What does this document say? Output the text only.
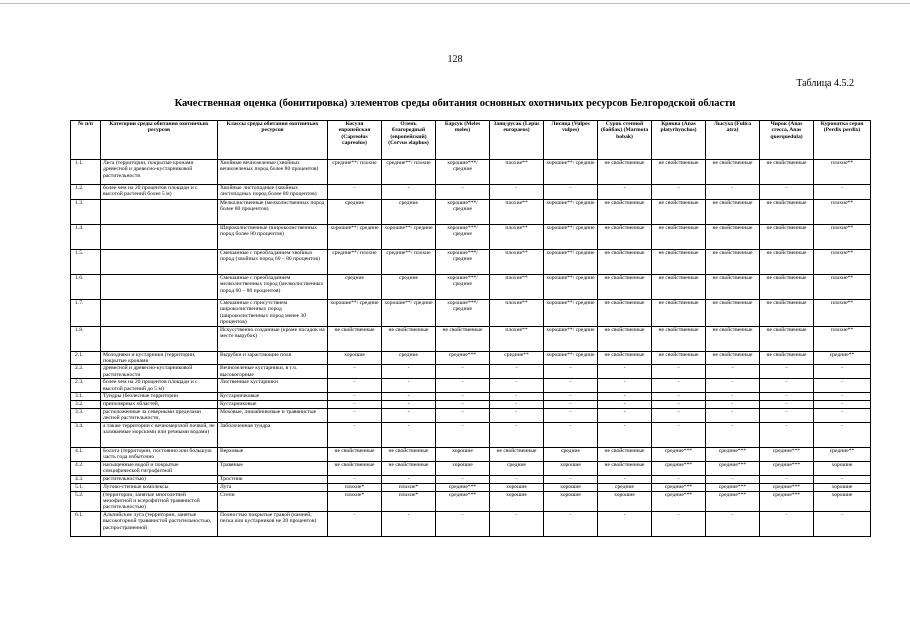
128
Таблица 4.5.2
Качественная оценка (бонитировка) элементов среды обитания основных охотничьих ресурсов Белгородской области
№ п/п	Категории среды обитания охотничьих ресурсов	Классы среды обитания охотничьих ресурсов	Косуля европейская (Capreolus capreolus)	Олень благородный (европейский) (Cervus elaphus)	Барсук (Meles meles)	Заяц-русак (Lepus europaeus)	Лисица (Vulpes vulpes)	Сурок степной (байбак) (Marmota bobak)	Кряква (Anas platyrhynchos)	Лысуха (Fulica atra)	Чирок (Anas crecca, Anas querquedula)	Куропатка серая (Perdix perdix)
1.1.	Леса (территории, покрытые кронами древесной и древесно-кустарниковой растительности	Хвойные вечнозеленые (хвойных вечнозеленых пород более 80 процентов)	средние**/ плохие	средние**/ плохие	хорошие***/ средние	плохие**	хорошие**/ средние	не свойственные	не свойственные	не свойственные	не свойственные	плохие**
1.2.	более чем на 20 процентов площади и с высотой растений более 5 м)	Хвойные листопадные (хвойных листопадных пород более 80 процентов)	-	-	-	-	-	-	-	-	-	-
1.3.		Мелколиственные (мелколиственных пород более 80 процентов)	средние	средние	хорошие***/ средние	плохие**	хорошие**/ средние	не свойственные	не свойственные	не свойственные	не свойственные	плохие**
1.4.		Широколиственные (широколиственных пород более 80 процентов)	хорошие**/ средние	хорошие**/ средние	хорошие***/ средние	плохие**	хорошие**/ средние	не свойственные	не свойственные	не свойственные	не свойственные	плохие**
1.5.		Смешанные с преобладанием хвойных пород (хвойных пород 60 – 80 процентов)	средние**/ плохие	средние**/ плохие	хорошие***/ средние	плохие**	хорошие**/ средние	не свойственные	не свойственные	не свойственные	не свойственные	плохие**
1.6.		Смешанные с преобладанием мелколиственных пород (мелколиственных пород 60 – 80 процентов)	средние	средние	хорошие***/ средние	плохие**	хорошие**/ средние	не свойственные	не свойственные	не свойственные	не свойственные	плохие**
1.7.		Смешанные с присутствием широколиственных пород (широколиственных пород менее 30 процентов)	хорошие**/ средние	хорошие**/ средние	хорошие***/ средние	плохие**	хорошие**/ средние	не свойственные	не свойственные	не свойственные	не свойственные	плохие**
1.8.		Искусственно созданные (кроме посадок на месте вырубок)	не свойственные	не свойственные	не свойственные	плохие**	хорошие**/ средние	не свойственные	не свойственные	не свойственные	не свойственные	плохие**
2.1.	Молодняки и кустарники (территории, покрытые кронами	Вырубки и зарастающие поля	хорошие	средние	средние***	средние**	хорошие**/ средние	не свойственные	не свойственные	не свойственные	не свойственные	средние**
2.2.	древесной и древесно-кустарниковой растительности	Вечнозеленые кустарники, в т.ч. высокогорные	-	-	-	-	-	-	-	-	-	-
2.3.	более чем на 20 процентов площади и с высотой растений до 5 м)	Лиственные кустарники	-	-	-	-	-	-	-	-	-	-
3.1.	Тундры (безлесные территории	Кустарничковые	-	-	-	-	-	-	-	-	-	-
3.2.	приполярных областей,	Кустарниковые	-	-	-	-	-	-	-	-	-	-
3.3.	расположенные за северными пределами лесной растительности,	Моховые, лишайниковые и травянистые	-	-	-	-	-	-	-	-	-	-
3.4.	а также территории с вечномерзлой почвой, не заливаемые морскими или речными водами)	Заболоченная тундра	-	-	-	-	-	-	-	-	-	-
4.1.	Болота (территории, постоянно или большую часть года избыточно	Верховые	не свойственные	не свойственные	хорошие	не свойственные	средние	не свойственные	средние***	средние***	средние***	средние**
4.2.	насыщенные водой и покрытые специфической гигрофитной	Травяные	не свойственные	не свойственные	хорошие	средние	хорошие	не свойственные	средние***	средние***	средние***	хорошие
4.3.	растительностью)	Тростник	-	-	-	-	-	-	-	-	-	-
5.1.	Лугово-степные комплексы	Луга	плохие*	плохие*	средние***	хорошие	хорошие	средние	средние***	средние***	средние***	хорошие
5.2.	(территории, занятые многолетней мезофитной и ксерофитной травянистой растительностью)	Степи	плохие*	плохие*	средние***	хорошие	хорошие	хорошие	средние***	средние***	средние***	хорошие
6.1.	Альпийские луга (территории, занятые высокогорной травянистой растительностью, распространенной	Полностью покрытые травой (камней, песка или кустарников не 20 процентов)	-	-	-	-	-	-	-	-	-	-
